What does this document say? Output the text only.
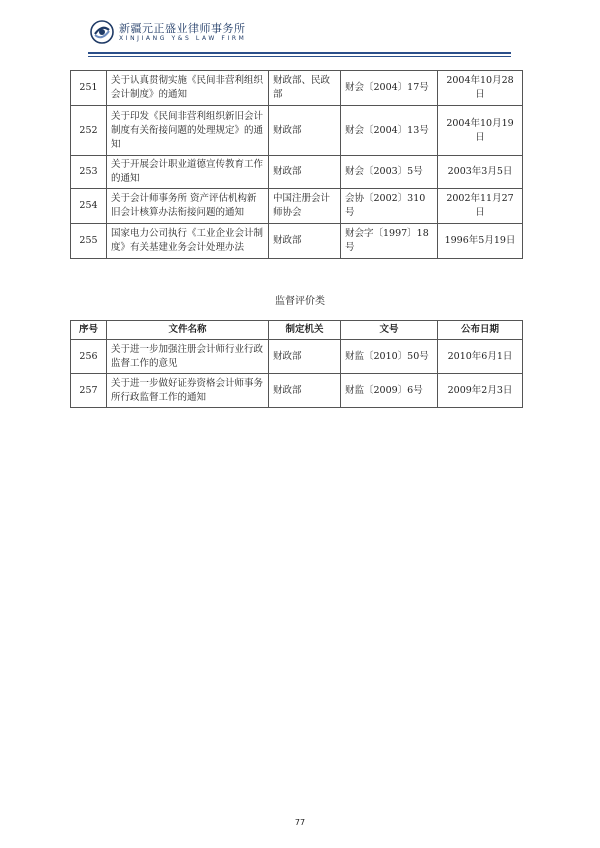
新疆元正盛业律师事务所
XINJIANG Y&S LAW FIRM
251	关于认真贯彻实施《民间非营利组织会计制度》的通知	财政部、民政部	财会〔2004〕17号	2004年10月28日
252	关于印发《民间非营利组织新旧会计制度有关衔接问题的处理规定》的通知	财政部	财会〔2004〕13号	2004年10月19日
253	关于开展会计职业道德宣传教育工作的通知	财政部	财会〔2003〕5号	2003年3月5日
254	关于会计师事务所 资产评估机构新旧会计核算办法衔接问题的通知	中国注册会计师协会	会协〔2002〕310号	2002年11月27日
255	国家电力公司执行《工业企业会计制度》有关基建业务会计处理办法	财政部	财会字〔1997〕18号	1996年5月19日
监督评价类
序号	文件名称	制定机关	文号	公布日期
256	关于进一步加强注册会计师行业行政监督工作的意见	财政部	财监〔2010〕50号	2010年6月1日
257	关于进一步做好证券资格会计师事务所行政监督工作的通知	财政部	财监〔2009〕6号	2009年2月3日
77
